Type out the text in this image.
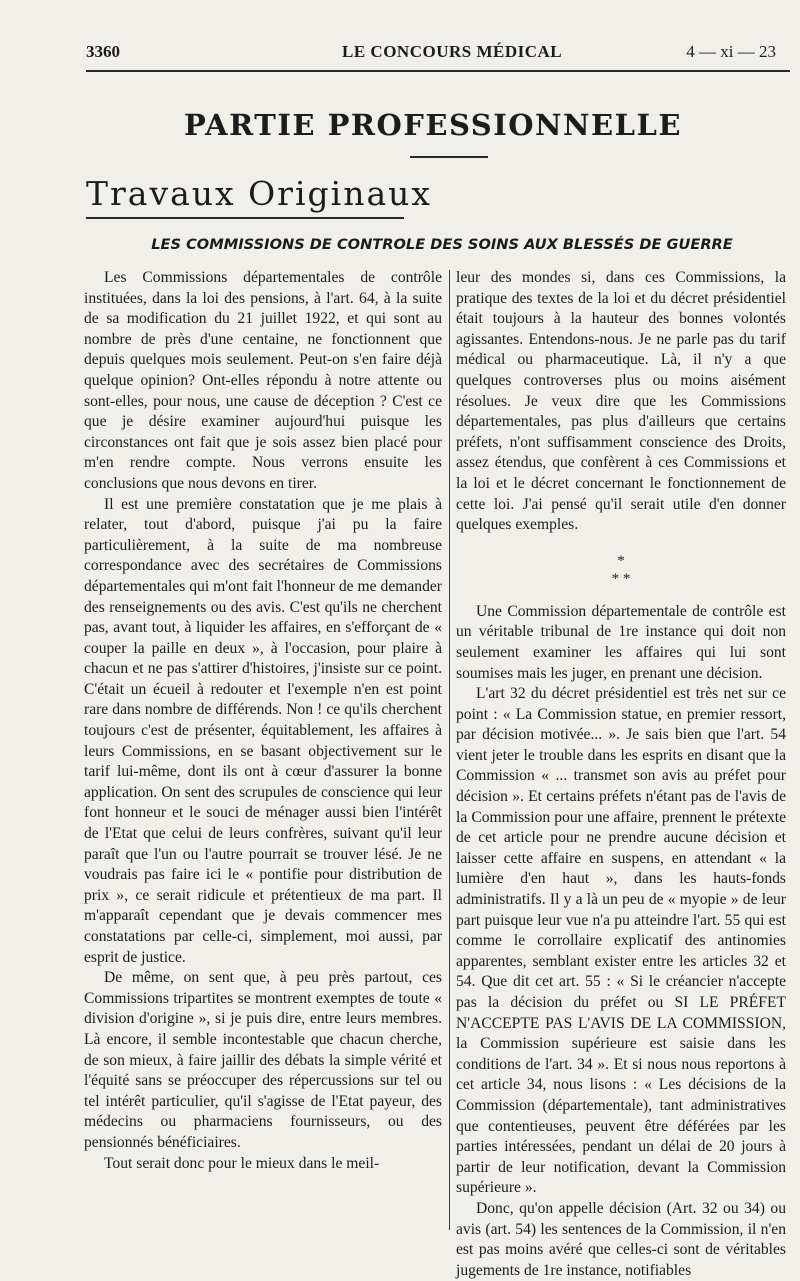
3360	LE CONCOURS MÉDICAL	4 — xi — 23
PARTIE PROFESSIONNELLE
Travaux Originaux
LES COMMISSIONS DE CONTROLE DES SOINS AUX BLESSÉS DE GUERRE

Les Commissions départementales de contrôle instituées, dans la loi des pensions, à l'art. 64, à la suite de sa modification du 21 juillet 1922, et qui sont au nombre de près d'une centaine, ne fonctionnent que depuis quelques mois seulement. Peut-on s'en faire déjà quelque opinion? Ont-elles répondu à notre attente ou sont-elles, pour nous, une cause de déception ? C'est ce que je désire examiner aujourd'hui puisque les circonstances ont fait que je sois assez bien placé pour m'en rendre compte. Nous verrons ensuite les conclusions que nous devons en tirer.

Il est une première constatation que je me plais à relater, tout d'abord, puisque j'ai pu la faire particulièrement, à la suite de ma nombreuse correspondance avec des secrétaires de Commissions départementales qui m'ont fait l'honneur de me demander des renseignements ou des avis. C'est qu'ils ne cherchent pas, avant tout, à liquider les affaires, en s'efforçant de « couper la paille en deux », à l'occasion, pour plaire à chacun et ne pas s'attirer d'histoires, j'insiste sur ce point. C'était un écueil à redouter et l'exemple n'en est point rare dans nombre de différends. Non ! ce qu'ils cherchent toujours c'est de présenter, équitablement, les affaires à leurs Commissions, en se basant objectivement sur le tarif lui-même, dont ils ont à cœur d'assurer la bonne application. On sent des scrupules de conscience qui leur font honneur et le souci de ménager aussi bien l'intérêt de l'Etat que celui de leurs confrères, suivant qu'il leur paraît que l'un ou l'autre pourrait se trouver lésé. Je ne voudrais pas faire ici le « pontifie pour distribution de prix », ce serait ridicule et prétentieux de ma part. Il m'apparaît cependant que je devais commencer mes constatations par celle-ci, simplement, moi aussi, par esprit de justice.

De même, on sent que, à peu près partout, ces Commissions tripartites se montrent exemptes de toute « division d'origine », si je puis dire, entre leurs membres. Là encore, il semble incontestable que chacun cherche, de son mieux, à faire jaillir des débats la simple vérité et l'équité sans se préoccuper des répercussions sur tel ou tel intérêt particulier, qu'il s'agisse de l'Etat payeur, des médecins ou pharmaciens fournisseurs, ou des pensionnés bénéficiaires.

Tout serait donc pour le mieux dans le meil-

leur des mondes si, dans ces Commissions, la pratique des textes de la loi et du décret présidentiel était toujours à la hauteur des bonnes volontés agissantes. Entendons-nous. Je ne parle pas du tarif médical ou pharmaceutique. Là, il n'y a que quelques controverses plus ou moins aisément résolues. Je veux dire que les Commissions départementales, pas plus d'ailleurs que certains préfets, n'ont suffisamment conscience des Droits, assez étendus, que confèrent à ces Commissions et la loi et le décret concernant le fonctionnement de cette loi. J'ai pensé qu'il serait utile d'en donner quelques exemples.

*
* *

Une Commission départementale de contrôle est un véritable tribunal de 1re instance qui doit non seulement examiner les affaires qui lui sont soumises mais les juger, en prenant une décision.

L'art 32 du décret présidentiel est très net sur ce point : « La Commission statue, en premier ressort, par décision motivée... ». Je sais bien que l'art. 54 vient jeter le trouble dans les esprits en disant que la Commission « ... transmet son avis au préfet pour décision ». Et certains préfets n'étant pas de l'avis de la Commission pour une affaire, prennent le prétexte de cet article pour ne prendre aucune décision et laisser cette affaire en suspens, en attendant « la lumière d'en haut », dans les hauts-fonds administratifs. Il y a là un peu de « myopie » de leur part puisque leur vue n'a pu atteindre l'art. 55 qui est comme le corrollaire explicatif des antinomies apparentes, semblant exister entre les articles 32 et 54. Que dit cet art. 55 : « Si le créancier n'accepte pas la décision du préfet ou SI LE PRÉFET N'ACCEPTE PAS L'AVIS DE LA COMMISSION, la Commission supérieure est saisie dans les conditions de l'art. 34 ». Et si nous nous reportons à cet article 34, nous lisons : « Les décisions de la Commission (départementale), tant administratives que contentieuses, peuvent être déférées par les parties intéressées, pendant un délai de 20 jours à partir de leur notification, devant la Commission supérieure ».

Donc, qu'on appelle décision (Art. 32 ou 34) ou avis (art. 54) les sentences de la Commission, il n'en est pas moins avéré que celles-ci sont de véritables jugements de 1re instance, notifiables
